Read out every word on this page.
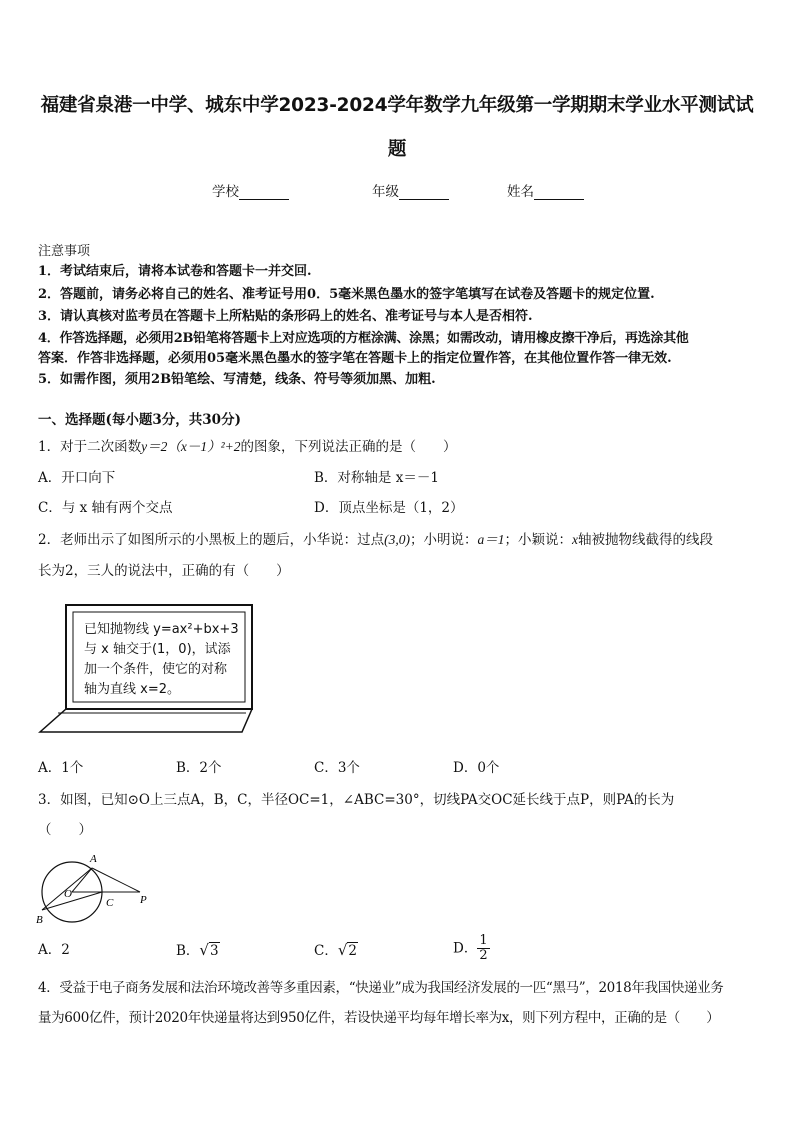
福建省泉港一中学、城东中学2023-2024学年数学九年级第一学期期末学业水平测试试
题
学校	年级	姓名
注意事项
1．考试结束后，请将本试卷和答题卡一并交回.
2．答题前，请务必将自己的姓名、准考证号用0．5毫米黑色墨水的签字笔填写在试卷及答题卡的规定位置.
3．请认真核对监考员在答题卡上所粘贴的条形码上的姓名、准考证号与本人是否相符.
4．作答选择题，必须用2B铅笔将答题卡上对应选项的方框涂满、涂黑；如需改动，请用橡皮擦干净后，再选涂其他
答案．作答非选择题，必须用05毫米黑色墨水的签字笔在答题卡上的指定位置作答，在其他位置作答一律无效.
5．如需作图，须用2B铅笔绘、写清楚，线条、符号等须加黑、加粗.
一、选择题(每小题3分，共30分)
1．对于二次函数y＝2（x－1）²+2的图象，下列说法正确的是（　　）
A．开口向下	B．对称轴是 x＝－1
C．与 x 轴有两个交点	D．顶点坐标是（1，2）
2．老师出示了如图所示的小黑板上的题后，小华说：过点(3,0)；小明说：a＝1；小颖说：x轴被抛物线截得的线段
长为2，三人的说法中，正确的有（　　）
已知抛物线 y=ax²+bx+3
与 x 轴交于(1，0)，试添
加一个条件，使它的对称
轴为直线 x=2。
A．1个	B．2个	C．3个	D．0个
3．如图，已知⊙O上三点A，B，C，半径OC=1，∠ABC=30°，切线PA交OC延长线于点P，则PA的长为
（　　）
A
B
O
C P
A．2	B．√3	C．√2	D． $\frac{1}{2}$
4．受益于电子商务发展和法治环境改善等多重因素，“快递业”成为我国经济发展的一匹“黑马”，2018年我国快递业务
量为600亿件，预计2020年快递量将达到950亿件，若设快递平均每年增长率为x，则下列方程中，正确的是（　　）
